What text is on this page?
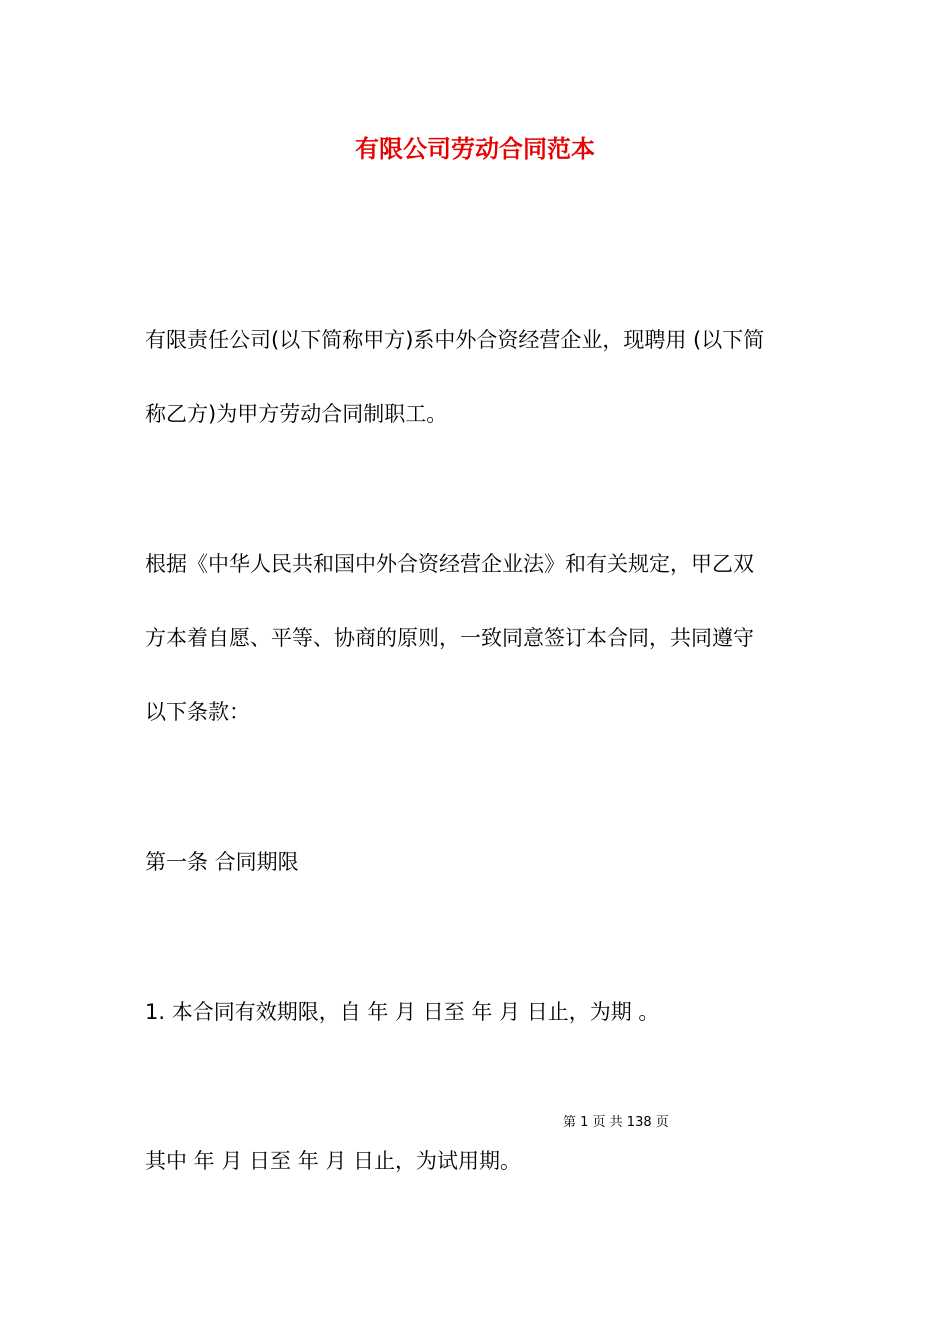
有限公司劳动合同范本
有限责任公司(以下简称甲方)系中外合资经营企业，现聘用 (以下简
称乙方)为甲方劳动合同制职工。
根据《中华人民共和国中外合资经营企业法》和有关规定，甲乙双
方本着自愿、平等、协商的原则，一致同意签订本合同，共同遵守
以下条款：
第一条 合同期限
1. 本合同有效期限，自 年 月 日至 年 月 日止，为期 。
其中 年 月 日至 年 月 日止，为试用期。
第 1 页 共 138 页
